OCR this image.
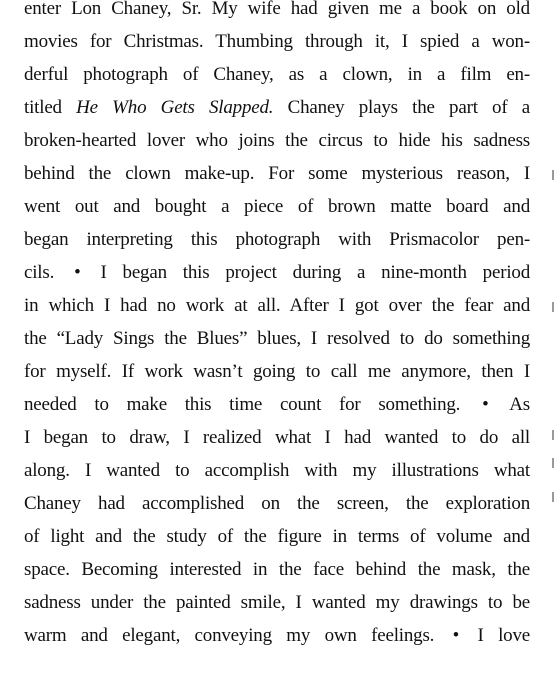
enter Lon Chaney, Sr. My wife had given me a book on old
movies for Christmas. Thumbing through it, I spied a won-
derful photograph of Chaney, as a clown, in a film en-
titled He Who Gets Slapped. Chaney plays the part of a
broken-hearted lover who joins the circus to hide his sadness
behind the clown make-up. For some mysterious reason, I
went out and bought a piece of brown matte board and
began interpreting this photograph with Prismacolor pen-
cils. • I began this project during a nine-month period
in which I had no work at all. After I got over the fear and
the “Lady Sings the Blues” blues, I resolved to do something
for myself. If work wasn’t going to call me anymore, then I
needed to make this time count for something. • As
I began to draw, I realized what I had wanted to do all
along. I wanted to accomplish with my illustrations what
Chaney had accomplished on the screen, the exploration
of light and the study of the figure in terms of volume and
space. Becoming interested in the face behind the mask, the
sadness under the painted smile, I wanted my drawings to be
warm and elegant, conveying my own feelings. • I love
